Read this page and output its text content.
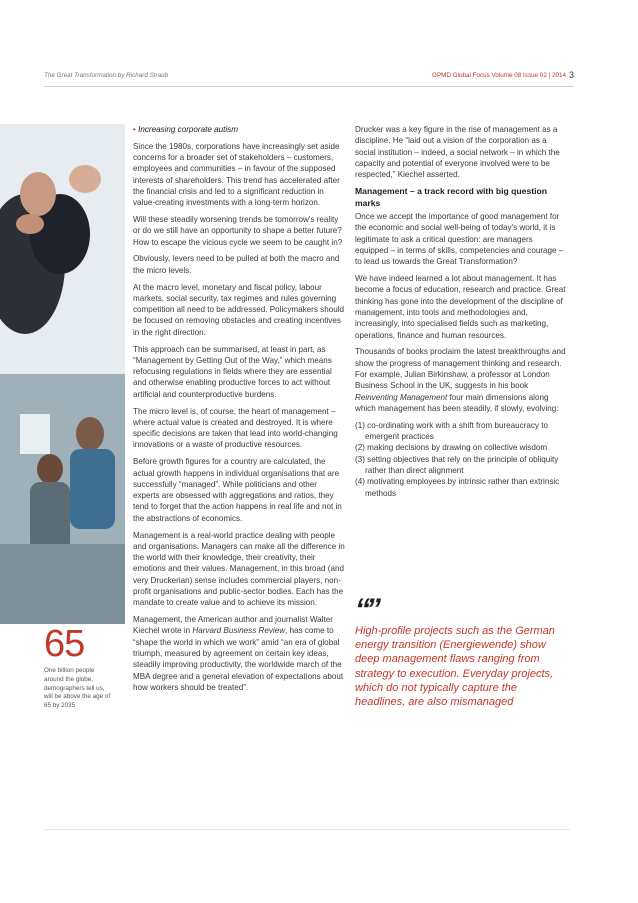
The Great Transformation by Richard Straub	GPMD Global Focus Volume 08 Issue 02 | 2014 3
65
One billion people around the globe, demographers tell us, will be above the age of 65 by 2035

• Increasing corporate autism

Since the 1980s, corporations have increasingly set aside concerns for a broader set of stakeholders – customers, employees and communities – in favour of the supposed interests of shareholders. This trend has accelerated after the financial crisis and led to a significant reduction in value-creating investments with a long-term horizon.

Will these steadily worsening trends be tomorrow's reality or do we still have an opportunity to shape a better future? How to escape the vicious cycle we seem to be caught in?

Obviously, levers need to be pulled at both the macro and the micro levels.

At the macro level, monetary and fiscal policy, labour markets, social security, tax regimes and rules governing competition all need to be addressed. Policymakers should be focused on removing obstacles and creating incentives in the right direction.

This approach can be summarised, at least in part, as “Management by Getting Out of the Way,” which means refocusing regulations in fields where they are essential and otherwise enabling productive forces to act without artificial and counterproductive burdens.

The micro level is, of course, the heart of management – where actual value is created and destroyed. It is where specific decisions are taken that lead into world-changing innovations or a waste of productive resources.

Before growth figures for a country are calculated, the actual growth happens in individual organisations that are successfully “managed”. While politicians and other experts are obsessed with aggregations and ratios, they tend to forget that the action happens in real life and not in the abstractions of economics.

Management is a real-world practice dealing with people and organisations. Managers can make all the difference in the world with their knowledge, their creativity, their emotions and their values. Management, in this broad (and very Druckerian) sense includes commercial players, non-profit organisations and public-sector bodies. Each has the mandate to create value and to achieve its mission.

Management, the American author and journalist Walter Kiechel wrote in Harvard Business Review, has come to “shape the world in which we work” amid “an era of global triumph, measured by agreement on certain key ideas, steadily improving productivity, the worldwide march of the MBA degree and a general elevation of expectations about how workers should be treated”.

Drucker was a key figure in the rise of management as a discipline. He “laid out a vision of the corporation as a social institution – indeed, a social network – in which the capacity and potential of everyone involved were to be respected,” Kiechel asserted.

Management – a track record with big question marks

Once we accept the importance of good management for the economic and social well-being of today's world, it is legitimate to ask a critical question: are managers equipped – in terms of skills, competencies and courage – to lead us towards the Great Transformation?

We have indeed learned a lot about management. It has become a focus of education, research and practice. Great thinking has gone into the development of the discipline of management, into tools and methodologies and, increasingly, into specialised fields such as marketing, operations, finance and human resources.

Thousands of books proclaim the latest breakthroughs and show the progress of management thinking and research. For example, Julian Birkinshaw, a professor at London Business School in the UK, suggests in his book Reinventing Management four main dimensions along which management has been steadily, if slowly, evolving:

(1) co-ordinating work with a shift from bureaucracy to emergent practices
(2) making decisions by drawing on collective wisdom
(3) setting objectives that rely on the principle of obliquity rather than direct alignment
(4) motivating employees by intrinsic rather than extrinsic methods
“”
High-profile projects such as the German energy transition (Energiewende) show deep management flaws ranging from strategy to execution. Everyday projects, which do not typically capture the headlines, are also mismanaged
